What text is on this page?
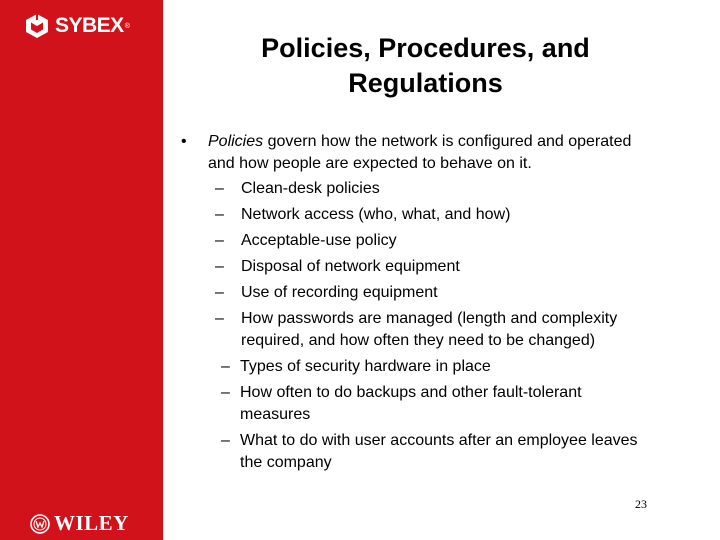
SYBEX ®
WILEY
Policies, Procedures, and
Regulations
• Policies govern how the network is configured and operated
and how people are expected to behave on it.
– Clean-desk policies
– Network access (who, what, and how)
– Acceptable-use policy
– Disposal of network equipment
– Use of recording equipment
– How passwords are managed (length and complexity
required, and how often they need to be changed)
– Types of security hardware in place
– How often to do backups and other fault-tolerant
measures
– What to do with user accounts after an employee leaves
the company
23
